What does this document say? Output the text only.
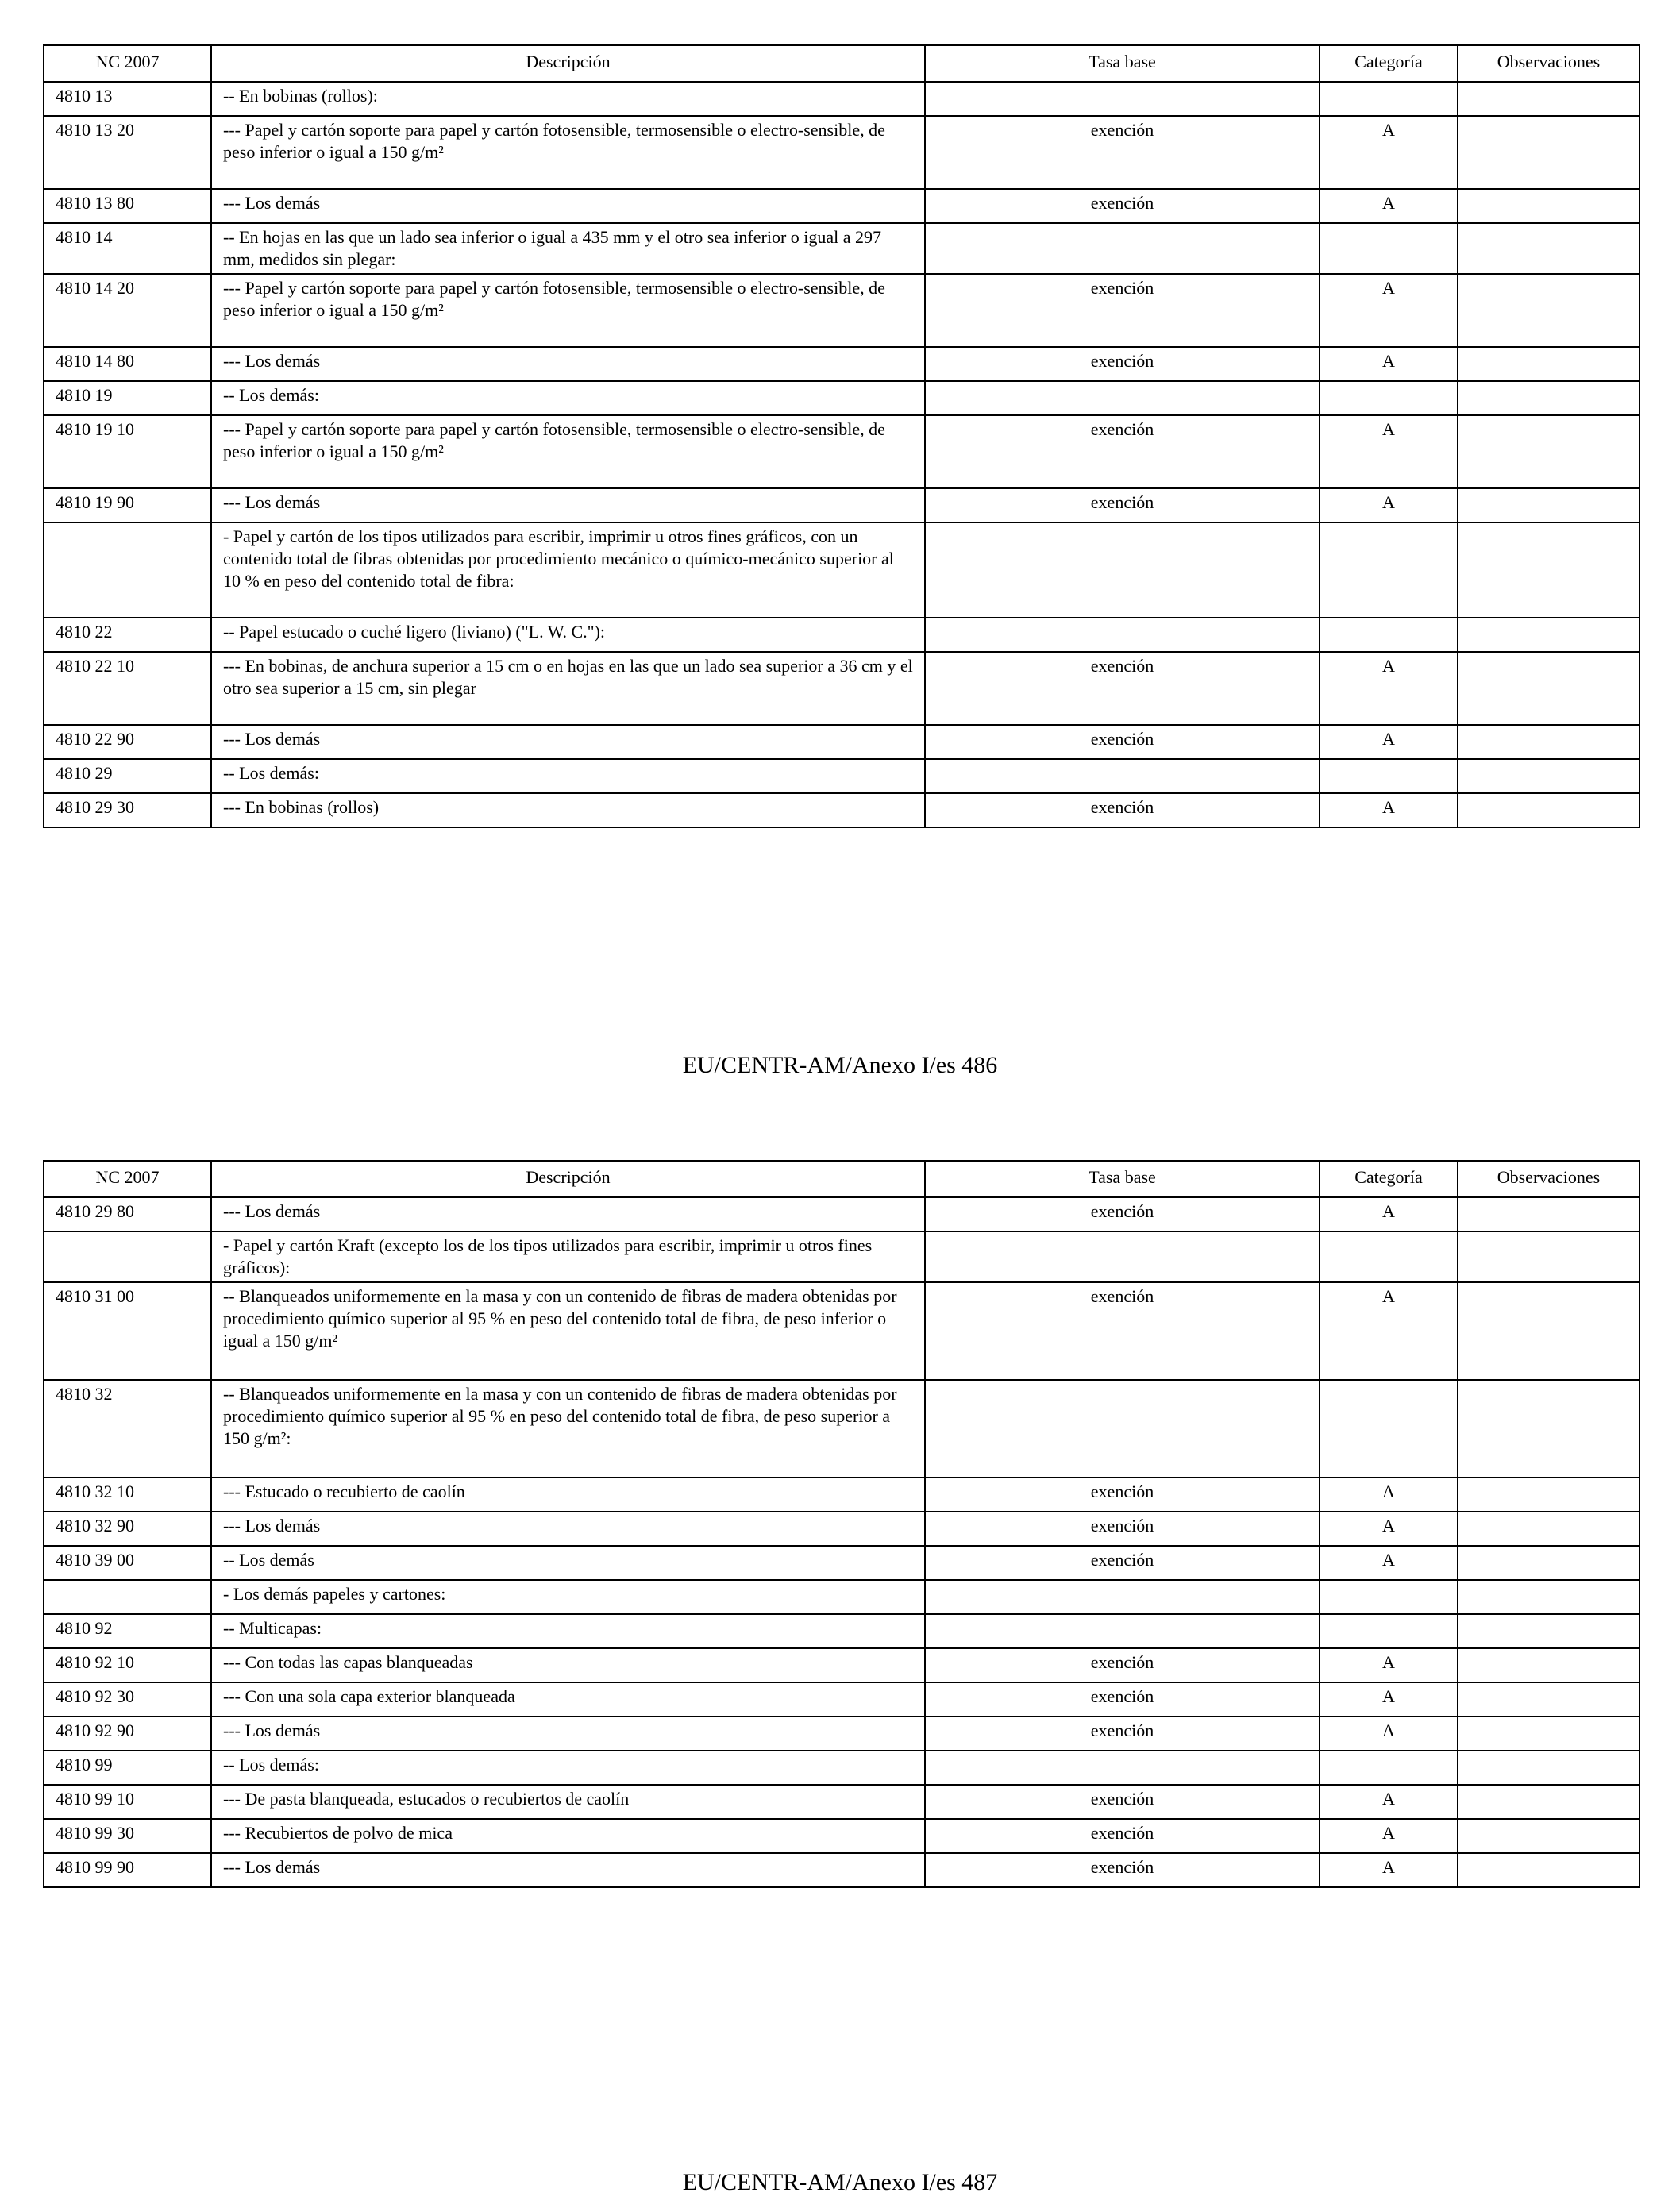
NC 2007	Descripción	Tasa base	Categoría	Observaciones
4810 13	-- En bobinas (rollos):			
4810 13 20	--- Papel y cartón soporte para papel y cartón fotosensible, termosensible o electro-sensible, de peso inferior o igual a 150 g/m²	exención	A	
4810 13 80	--- Los demás	exención	A	
4810 14	-- En hojas en las que un lado sea inferior o igual a 435 mm y el otro sea inferior o igual a 297 mm, medidos sin plegar:			
4810 14 20	--- Papel y cartón soporte para papel y cartón fotosensible, termosensible o electro-sensible, de peso inferior o igual a 150 g/m²	exención	A	
4810 14 80	--- Los demás	exención	A	
4810 19	-- Los demás:			
4810 19 10	--- Papel y cartón soporte para papel y cartón fotosensible, termosensible o electro-sensible, de peso inferior o igual a 150 g/m²	exención	A	
4810 19 90	--- Los demás	exención	A	
	- Papel y cartón de los tipos utilizados para escribir, imprimir u otros fines gráficos, con un contenido total de fibras obtenidas por procedimiento mecánico o químico-mecánico superior al 10 % en peso del contenido total de fibra:			
4810 22	-- Papel estucado o cuché ligero (liviano) ("L. W. C."):			
4810 22 10	--- En bobinas, de anchura superior a 15 cm o en hojas en las que un lado sea superior a 36 cm y el otro sea superior a 15 cm, sin plegar	exención	A	
4810 22 90	--- Los demás	exención	A	
4810 29	-- Los demás:			
4810 29 30	--- En bobinas (rollos)	exención	A	
EU/CENTR-AM/Anexo I/es 486
NC 2007	Descripción	Tasa base	Categoría	Observaciones
4810 29 80	--- Los demás	exención	A	
	- Papel y cartón Kraft (excepto los de los tipos utilizados para escribir, imprimir u otros fines gráficos):			
4810 31 00	-- Blanqueados uniformemente en la masa y con un contenido de fibras de madera obtenidas por procedimiento químico superior al 95 % en peso del contenido total de fibra, de peso inferior o igual a 150 g/m²	exención	A	
4810 32	-- Blanqueados uniformemente en la masa y con un contenido de fibras de madera obtenidas por procedimiento químico superior al 95 % en peso del contenido total de fibra, de peso superior a 150 g/m²:			
4810 32 10	--- Estucado o recubierto de caolín	exención	A	
4810 32 90	--- Los demás	exención	A	
4810 39 00	-- Los demás	exención	A	
	- Los demás papeles y cartones:			
4810 92	-- Multicapas:			
4810 92 10	--- Con todas las capas blanqueadas	exención	A	
4810 92 30	--- Con una sola capa exterior blanqueada	exención	A	
4810 92 90	--- Los demás	exención	A	
4810 99	-- Los demás:			
4810 99 10	--- De pasta blanqueada, estucados o recubiertos de caolín	exención	A	
4810 99 30	--- Recubiertos de polvo de mica	exención	A	
4810 99 90	--- Los demás	exención	A	
EU/CENTR-AM/Anexo I/es 487
